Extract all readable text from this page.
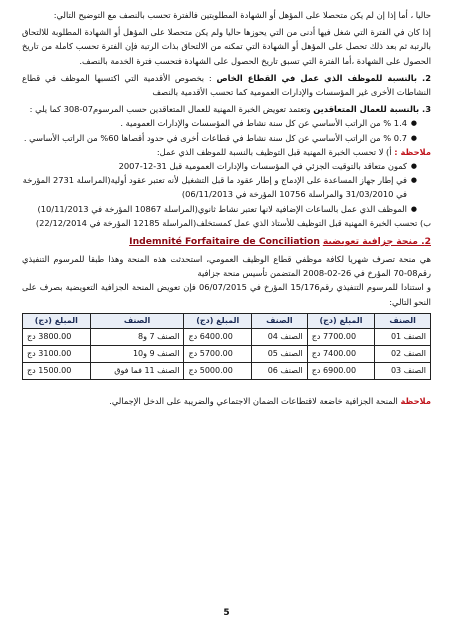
حاليا ، أما إذا إن لم يكن متحصلا على المؤهل أو الشهادة المطلوبتين فالفترة تحسب بالنصف مع التوضيح التالي:

إذا كان في الفترة التي شغل فيها أدنى من التي يحوزها حاليا ولم يكن متحصلا على المؤهل أو الشهادة المطلوبة للالتحاق بالرتبة ثم بعد ذلك تحصل على المؤهل أو الشهادة التي تمكنه من الالتحاق بذات الرتبة فإن الفترة تحسب كاملة من تاريخ الحصول على الشهادة ،أما الفترة التي تسبق تاريخ الحصول على الشهادة فتحسب فترة الخدمة بالنصف.

2. بالنسبة للموظف الذي عمل في القطاع الخاص : بخصوص الأقدمية التي اكتسبها الموظف في قطاع النشاطات الأخرى غير المؤسسات والإدارات العمومية كما تحسب الأقدمية بالنصف

3. بالنسبة للعمال المتعاقدين وتعتمد تعويض الخبرة المهنية للعمال المتعاقدين حسب المرسوم07-308 كما يلي :

● 1.4 % من الراتب الأساسي عن كل سنة نشاط في المؤسسات والإدارات العمومية .
● 0.7 % من الراتب الأساسي عن كل سنة نشاط في قطاعات أخرى في حدود أقصاها 60% من الراتب الأساسي .

ملاحظة : أ) لا تحسب الخبرة المهنية قبل التوظيف بالنسبة للموظف الذي عمل:

● كمون متعاقد بالتوقيت الجزئي في المؤسسات والإدارات العمومية قبل 31-12-2007
● في إطار جهاز المساعدة على الإدماج و إطار عقود ما قبل التشغيل لأنه تعتبر عقود أولية(المراسلة 2731 المؤرخة في 31/03/2010 والمراسلة 10756 المؤرخة في 06/11/2013)
● الموظف الذي عمل بالساعات الإضافية لانها تعتبر نشاط ثانوي(المراسلة 10867 المؤرخة في 10/11/2013)

ب) تحسب الخبرة المهنية قبل التوظيف للأستاذ الذي عمل كمستخلف(المراسلة 12185 المؤرخة في 22/12/2014)

2. منحة جزافية تعويضية Indemnité Forfaitaire de Conciliation

هي منحة تصرف شهريا لكافة موظفي قطاع الوظيف العمومي، استحدثت هذه المنحة وهذا طبقا للمرسوم التنفيذي رقم08-70 المؤرخ في 26-02-2008 المتضمن تأسيس منحة جزافية

و استنادا للمرسوم التنفيذي رقم15/176 المؤرخ في 06/07/2015 فإن تعويض المنحة الجزافية التعويضية بصرف على النحو التالي:

الصنف	المبلغ (دج)	الصنف	المبلغ (دج)	الصنف	المبلغ (دج)
الصنف 01	7700.00 دج	الصنف 04	6400.00 دج	الصنف 7 و8	3800.00 دج
الصنف 02	7400.00 دج	الصنف 05	5700.00 دج	الصنف 9 و10	3100.00 دج
الصنف 03	6900.00 دج	الصنف 06	5000.00 دج	الصنف 11 فما فوق	1500.00 دج

ملاحظة المنحة الجزافية خاضعة لاقتطاعات الضمان الاجتماعي والضريبة على الدخل الإجمالي.

5
